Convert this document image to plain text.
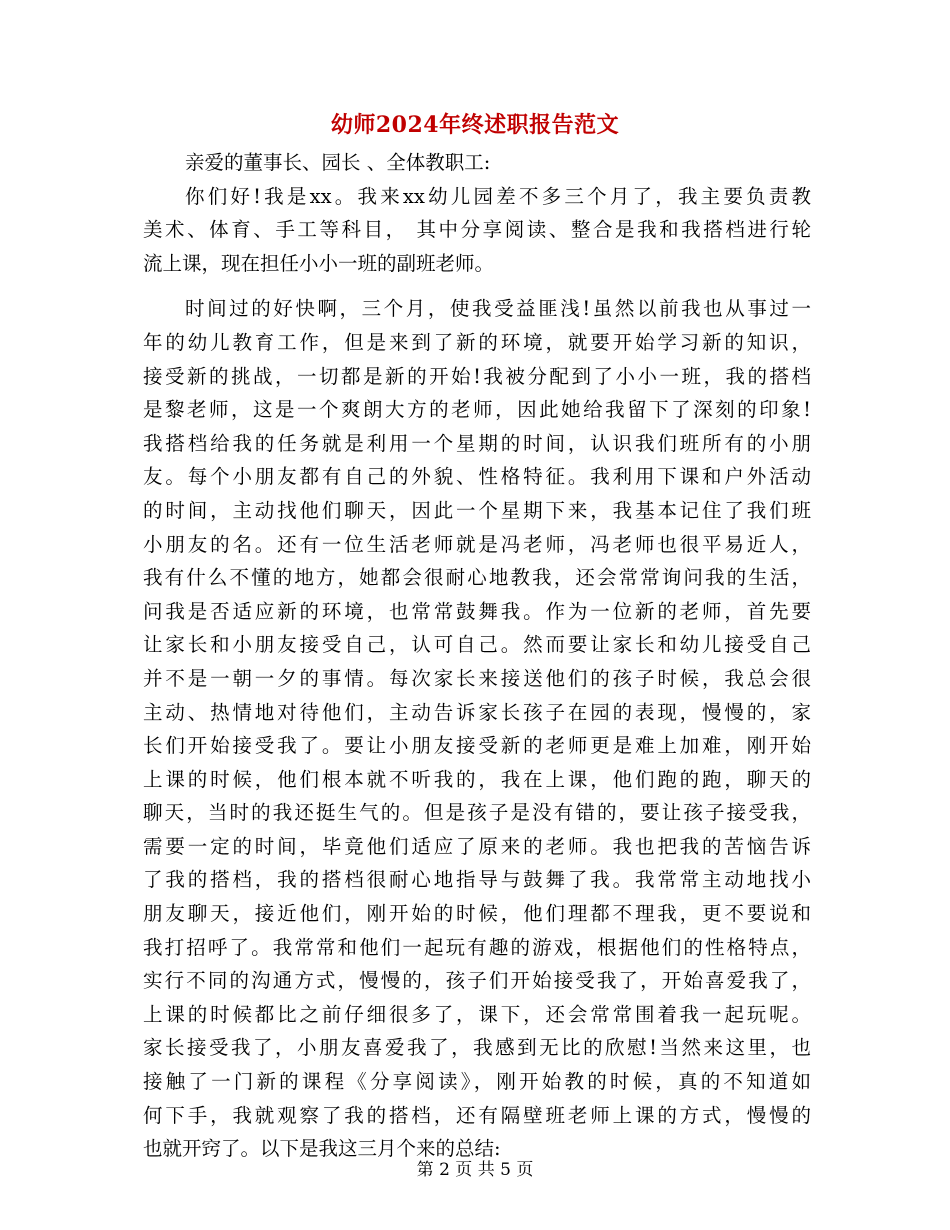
幼师2024年终述职报告范文

亲爱的董事长、园长 、全体教职工:

你们好!我是xx。我来xx幼儿园差不多三个月了，我主要负责教
美术、体育、手工等科目， 其中分享阅读、整合是我和我搭档进行轮
流上课，现在担任小小一班的副班老师。

时间过的好快啊，三个月，使我受益匪浅!虽然以前我也从事过一
年的幼儿教育工作，但是来到了新的环境，就要开始学习新的知识，
接受新的挑战，一切都是新的开始!我被分配到了小小一班，我的搭档
是黎老师，这是一个爽朗大方的老师，因此她给我留下了深刻的印象!
我搭档给我的任务就是利用一个星期的时间，认识我们班所有的小朋
友。每个小朋友都有自己的外貌、性格特征。我利用下课和户外活动
的时间，主动找他们聊天，因此一个星期下来，我基本记住了我们班
小朋友的名。还有一位生活老师就是冯老师，冯老师也很平易近人，
我有什么不懂的地方，她都会很耐心地教我，还会常常询问我的生活，
问我是否适应新的环境，也常常鼓舞我。作为一位新的老师，首先要
让家长和小朋友接受自己，认可自己。然而要让家长和幼儿接受自己
并不是一朝一夕的事情。每次家长来接送他们的孩子时候，我总会很
主动、热情地对待他们，主动告诉家长孩子在园的表现，慢慢的，家
长们开始接受我了。要让小朋友接受新的老师更是难上加难，刚开始
上课的时候，他们根本就不听我的，我在上课，他们跑的跑，聊天的
聊天，当时的我还挺生气的。但是孩子是没有错的，要让孩子接受我，
需要一定的时间，毕竟他们适应了原来的老师。我也把我的苦恼告诉
了我的搭档，我的搭档很耐心地指导与鼓舞了我。我常常主动地找小
朋友聊天，接近他们，刚开始的时候，他们理都不理我，更不要说和
我打招呼了。我常常和他们一起玩有趣的游戏，根据他们的性格特点，
实行不同的沟通方式，慢慢的，孩子们开始接受我了，开始喜爱我了，
上课的时候都比之前仔细很多了，课下，还会常常围着我一起玩呢。
家长接受我了，小朋友喜爱我了，我感到无比的欣慰!当然来这里，也
接触了一门新的课程《分享阅读》，刚开始教的时候，真的不知道如
何下手，我就观察了我的搭档，还有隔壁班老师上课的方式，慢慢的
也就开窍了。以下是我这三月个来的总结:

第 2 页 共 5 页
